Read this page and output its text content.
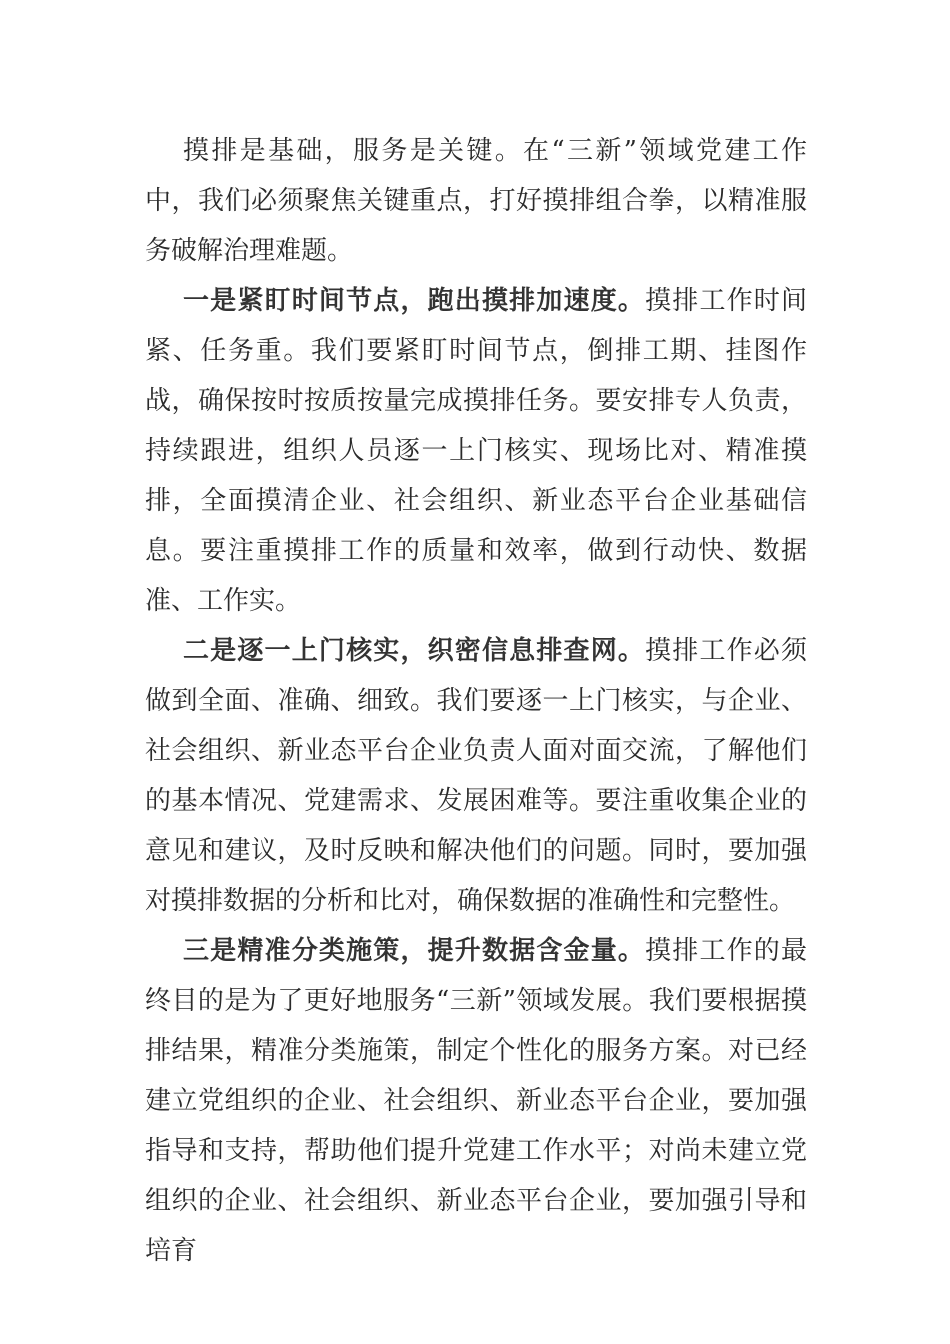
摸排是基础，服务是关键。在“三新”领域党建工作中，我们必须聚焦关键重点，打好摸排组合拳，以精准服务破解治理难题。

一是紧盯时间节点，跑出摸排加速度。摸排工作时间紧、任务重。我们要紧盯时间节点，倒排工期、挂图作战，确保按时按质按量完成摸排任务。要安排专人负责，持续跟进，组织人员逐一上门核实、现场比对、精准摸排，全面摸清企业、社会组织、新业态平台企业基础信息。要注重摸排工作的质量和效率，做到行动快、数据准、工作实。

二是逐一上门核实，织密信息排查网。摸排工作必须做到全面、准确、细致。我们要逐一上门核实，与企业、社会组织、新业态平台企业负责人面对面交流，了解他们的基本情况、党建需求、发展困难等。要注重收集企业的意见和建议，及时反映和解决他们的问题。同时，要加强对摸排数据的分析和比对，确保数据的准确性和完整性。

三是精准分类施策，提升数据含金量。摸排工作的最终目的是为了更好地服务“三新”领域发展。我们要根据摸排结果，精准分类施策，制定个性化的服务方案。对已经建立党组织的企业、社会组织、新业态平台企业，要加强指导和支持，帮助他们提升党建工作水平；对尚未建立党组织的企业、社会组织、新业态平台企业，要加强引导和培育
